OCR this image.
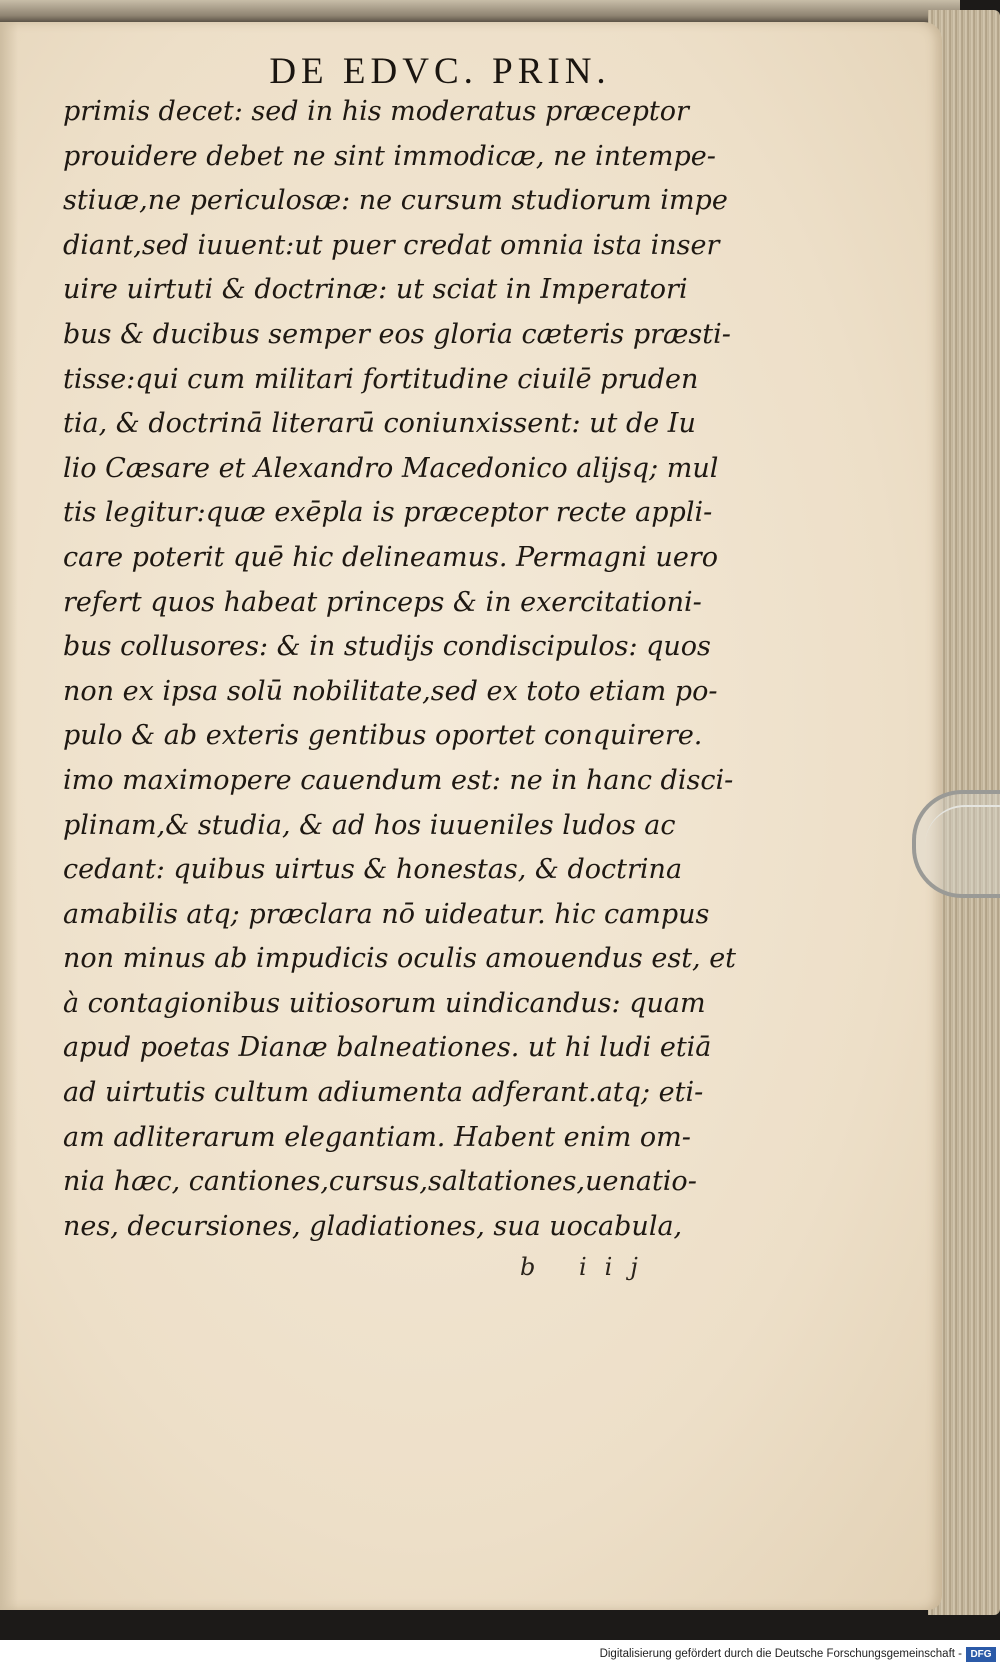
DE EDVC. PRIN.
primis decet: sed in his moderatus præceptor
prouidere debet ne sint immodicæ, ne intempe-
stiuæ,ne periculosæ: ne cursum studiorum impe
diant,sed iuuent:ut puer credat omnia ista inser
uire uirtuti & doctrinæ: ut sciat in Imperatori
bus & ducibus semper eos gloria cæteris præsti-
tisse:qui cum militari fortitudine ciuilē pruden
tia, & doctrinā literarū coniunxissent: ut de Iu
lio Cæsare et Alexandro Macedonico alijsq; mul
tis legitur:quæ exēpla is præceptor recte appli-
care poterit quē hic delineamus. Permagni uero
refert quos habeat princeps & in exercitationi-
bus collusores: & in studijs condiscipulos: quos
non ex ipsa solū nobilitate,sed ex toto etiam po-
pulo & ab exteris gentibus oportet conquirere.
imo maximopere cauendum est: ne in hanc disci-
plinam,& studia, & ad hos iuueniles ludos ac
cedant: quibus uirtus & honestas, & doctrina
amabilis atq; præclara nō uideatur. hic campus
non minus ab impudicis oculis amouendus est, et
à contagionibus uitiosorum uindicandus: quam
apud poetas Dianæ balneationes. ut hi ludi etiā
ad uirtutis cultum adiumenta adferant.atq; eti-
am adliterarum elegantiam. Habent enim om-
nia hæc, cantiones,cursus,saltationes,uenatio-
nes, decursiones, gladiationes, sua uocabula,
b iij
Digitalisierung gefördert durch die Deutsche Forschungsgemeinschaft - DFG
